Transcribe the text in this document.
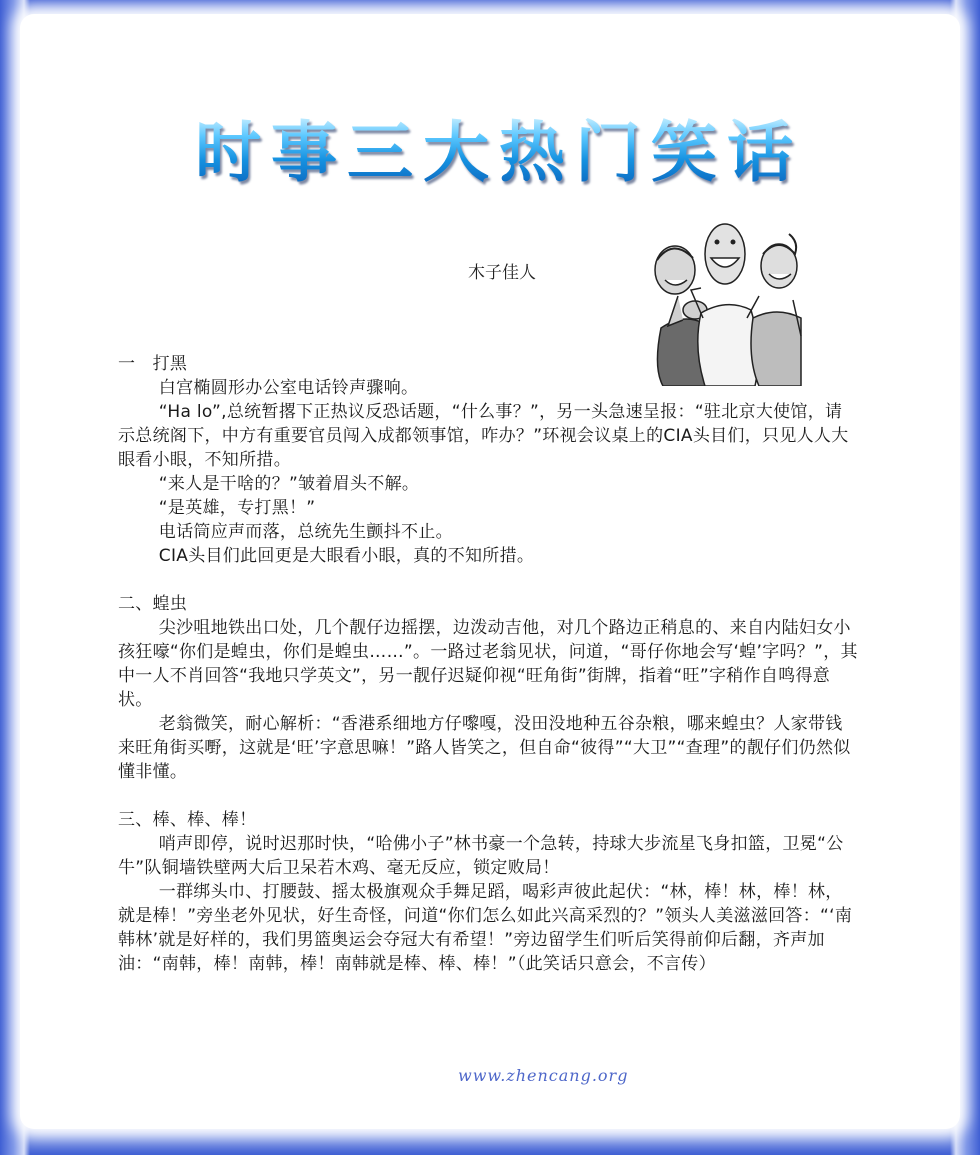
时事三大热门笑话
木子佳人

一　打黑

白宫椭圆形办公室电话铃声骤响。

“Ha lo”,总统暂撂下正热议反恐话题，“什么事？”，另一头急速呈报：“驻北京大使馆，请示总统阁下，中方有重要官员闯入成都领事馆，咋办？”环视会议桌上的CIA头目们，只见人人大眼看小眼，不知所措。

“来人是干啥的？”皱着眉头不解。

“是英雄，专打黑！”

电话筒应声而落，总统先生颤抖不止。

CIA头目们此回更是大眼看小眼，真的不知所措。

二、蝗虫

尖沙咀地铁出口处，几个靓仔边摇摆，边泼动吉他，对几个路边正稍息的、来自内陆妇女小孩狂嚎“你们是蝗虫，你们是蝗虫……”。一路过老翁见状，问道，“哥仔你地会写‘蝗’字吗？”，其中一人不肖回答“我地只学英文”，另一靓仔迟疑仰视“旺角街”街牌，指着“旺”字稍作自鸣得意状。

老翁微笑，耐心解析：“香港系细地方仔嚟嘎，没田没地种五谷杂粮，哪来蝗虫？人家带钱来旺角街买嘢，这就是‘旺’字意思嘛！”路人皆笑之，但自命“彼得”“大卫”“查理”的靓仔们仍然似懂非懂。

三、棒、棒、棒！

哨声即停，说时迟那时快，“哈佛小子”林书豪一个急转，持球大步流星飞身扣篮，卫冕“公牛”队铜墙铁壁两大后卫呆若木鸡、毫无反应，锁定败局！

一群绑头巾、打腰鼓、摇太极旗观众手舞足蹈，喝彩声彼此起伏：“林，棒！林，棒！林，就是棒！”旁坐老外见状，好生奇怪，问道“你们怎么如此兴高采烈的？”领头人美滋滋回答：“‘南韩林’就是好样的，我们男篮奥运会夺冠大有希望！”旁边留学生们听后笑得前仰后翻，齐声加油：“南韩，棒！南韩，棒！南韩就是棒、棒、棒！”（此笑话只意会，不言传）

www.zhencang.org
